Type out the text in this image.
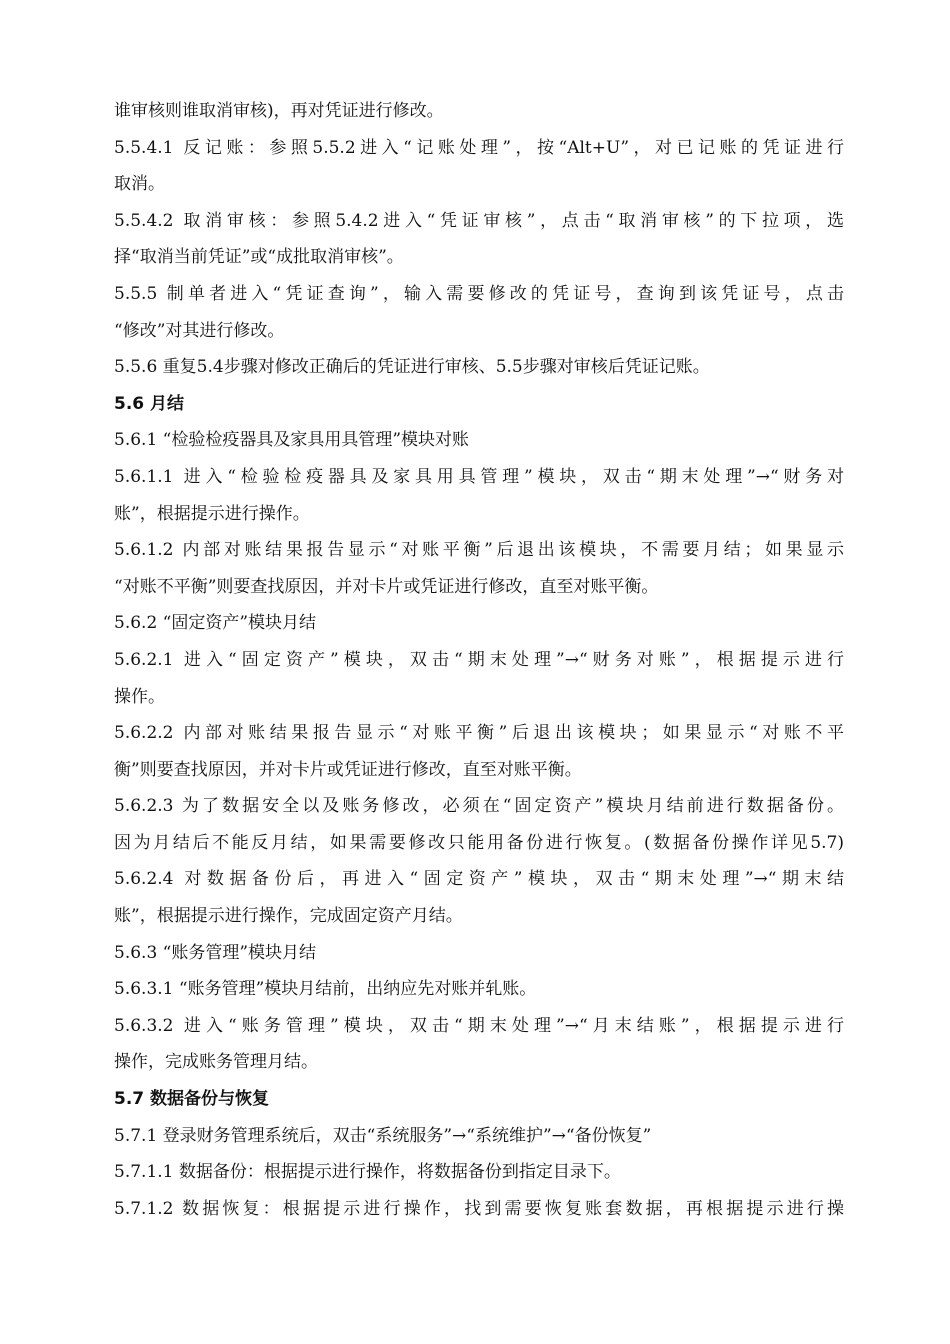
谁审核则谁取消审核)，再对凭证进行修改。
5.5.4.1 反记账：参照5.5.2进入“记账处理”，按“Alt+U”，对已记账的凭证进行
取消。
5.5.4.2 取消审核：参照5.4.2进入“凭证审核”，点击“取消审核”的下拉项，选
择“取消当前凭证”或“成批取消审核”。
5.5.5 制单者进入“凭证查询”，输入需要修改的凭证号，查询到该凭证号，点击
“修改”对其进行修改。
5.5.6 重复5.4步骤对修改正确后的凭证进行审核、5.5步骤对审核后凭证记账。
5.6 月结
5.6.1 “检验检疫器具及家具用具管理”模块对账
5.6.1.1 进入“检验检疫器具及家具用具管理”模块，双击“期末处理”→“财务对
账”，根据提示进行操作。
5.6.1.2 内部对账结果报告显示“对账平衡”后退出该模块，不需要月结；如果显示
“对账不平衡”则要查找原因，并对卡片或凭证进行修改，直至对账平衡。
5.6.2 “固定资产”模块月结
5.6.2.1 进入“固定资产”模块，双击“期末处理”→“财务对账”，根据提示进行
操作。
5.6.2.2 内部对账结果报告显示“对账平衡”后退出该模块；如果显示“对账不平
衡”则要查找原因，并对卡片或凭证进行修改，直至对账平衡。
5.6.2.3 为了数据安全以及账务修改，必须在“固定资产”模块月结前进行数据备份。
因为月结后不能反月结，如果需要修改只能用备份进行恢复。(数据备份操作详见5.7)
5.6.2.4 对数据备份后，再进入“固定资产”模块，双击“期末处理”→“期末结
账”，根据提示进行操作，完成固定资产月结。
5.6.3 “账务管理”模块月结
5.6.3.1 “账务管理”模块月结前，出纳应先对账并轧账。
5.6.3.2 进入“账务管理”模块，双击“期末处理”→“月末结账”，根据提示进行
操作，完成账务管理月结。
5.7 数据备份与恢复
5.7.1 登录财务管理系统后，双击“系统服务”→“系统维护”→“备份恢复”
5.7.1.1 数据备份：根据提示进行操作，将数据备份到指定目录下。
5.7.1.2 数据恢复：根据提示进行操作，找到需要恢复账套数据，再根据提示进行操
